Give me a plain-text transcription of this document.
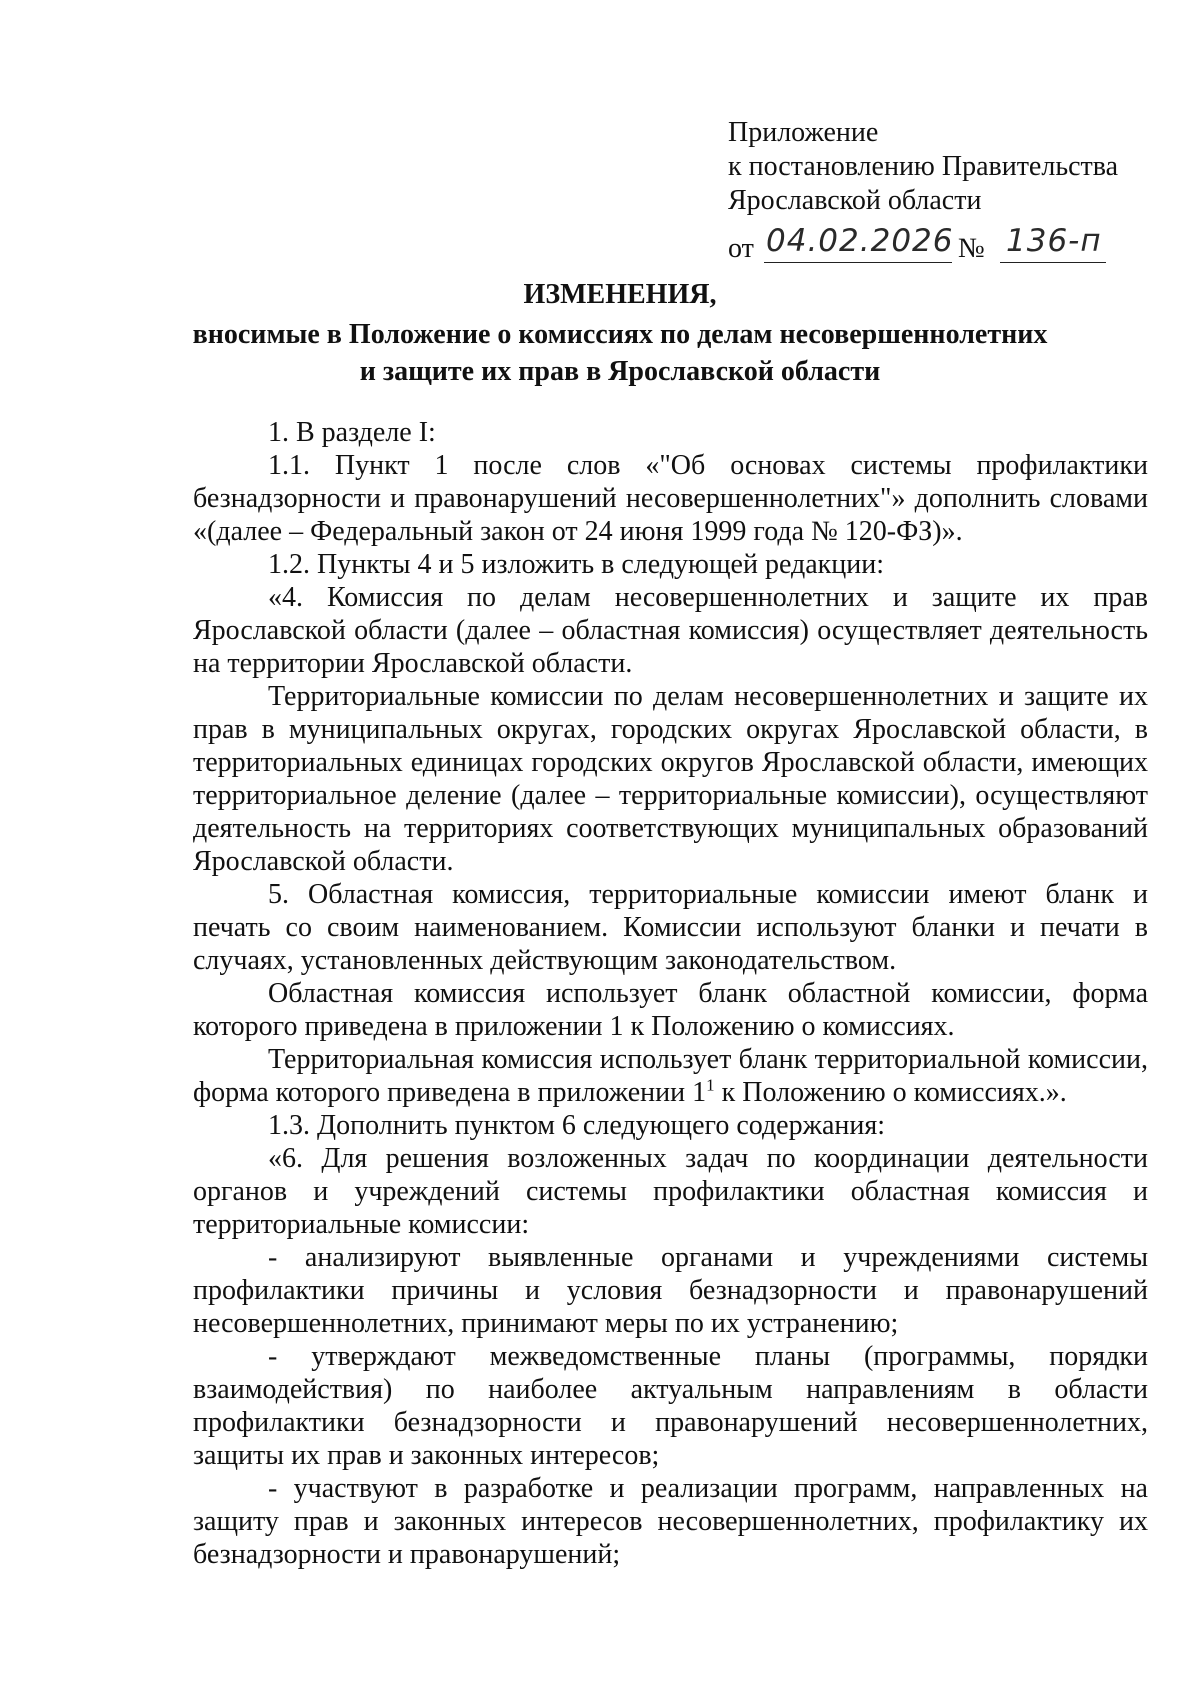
Приложение
к постановлению Правительства
Ярославской области
от 04.02.2026 № 136-п
ИЗМЕНЕНИЯ,
вносимые в Положение о комиссиях по делам несовершеннолетних
и защите их прав в Ярославской области

1. В разделе I:

1.1. Пункт 1 после слов «"Об основах системы профилактики безнадзорности и правонарушений несовершеннолетних"» дополнить словами «(далее – Федеральный закон от 24 июня 1999 года № 120-ФЗ)».

1.2. Пункты 4 и 5 изложить в следующей редакции:

«4. Комиссия по делам несовершеннолетних и защите их прав Ярославской области (далее – областная комиссия) осуществляет деятельность на территории Ярославской области.

Территориальные комиссии по делам несовершеннолетних и защите их прав в муниципальных округах, городских округах Ярославской области, в территориальных единицах городских округов Ярославской области, имеющих территориальное деление (далее – территориальные комиссии), осуществляют деятельность на территориях соответствующих муниципальных образований Ярославской области.

5. Областная комиссия, территориальные комиссии имеют бланк и печать со своим наименованием. Комиссии используют бланки и печати в случаях, установленных действующим законодательством.

Областная комиссия использует бланк областной комиссии, форма которого приведена в приложении 1 к Положению о комиссиях.

Территориальная комиссия использует бланк территориальной комиссии, форма которого приведена в приложении $1^1$ к Положению о комиссиях.».

1.3. Дополнить пунктом 6 следующего содержания:

«6. Для решения возложенных задач по координации деятельности органов и учреждений системы профилактики областная комиссия и территориальные комиссии:

- анализируют выявленные органами и учреждениями системы профилактики причины и условия безнадзорности и правонарушений несовершеннолетних, принимают меры по их устранению;

- утверждают межведомственные планы (программы, порядки взаимодействия) по наиболее актуальным направлениям в области профилактики безнадзорности и правонарушений несовершеннолетних, защиты их прав и законных интересов;

- участвуют в разработке и реализации программ, направленных на защиту прав и законных интересов несовершеннолетних, профилактику их безнадзорности и правонарушений;
